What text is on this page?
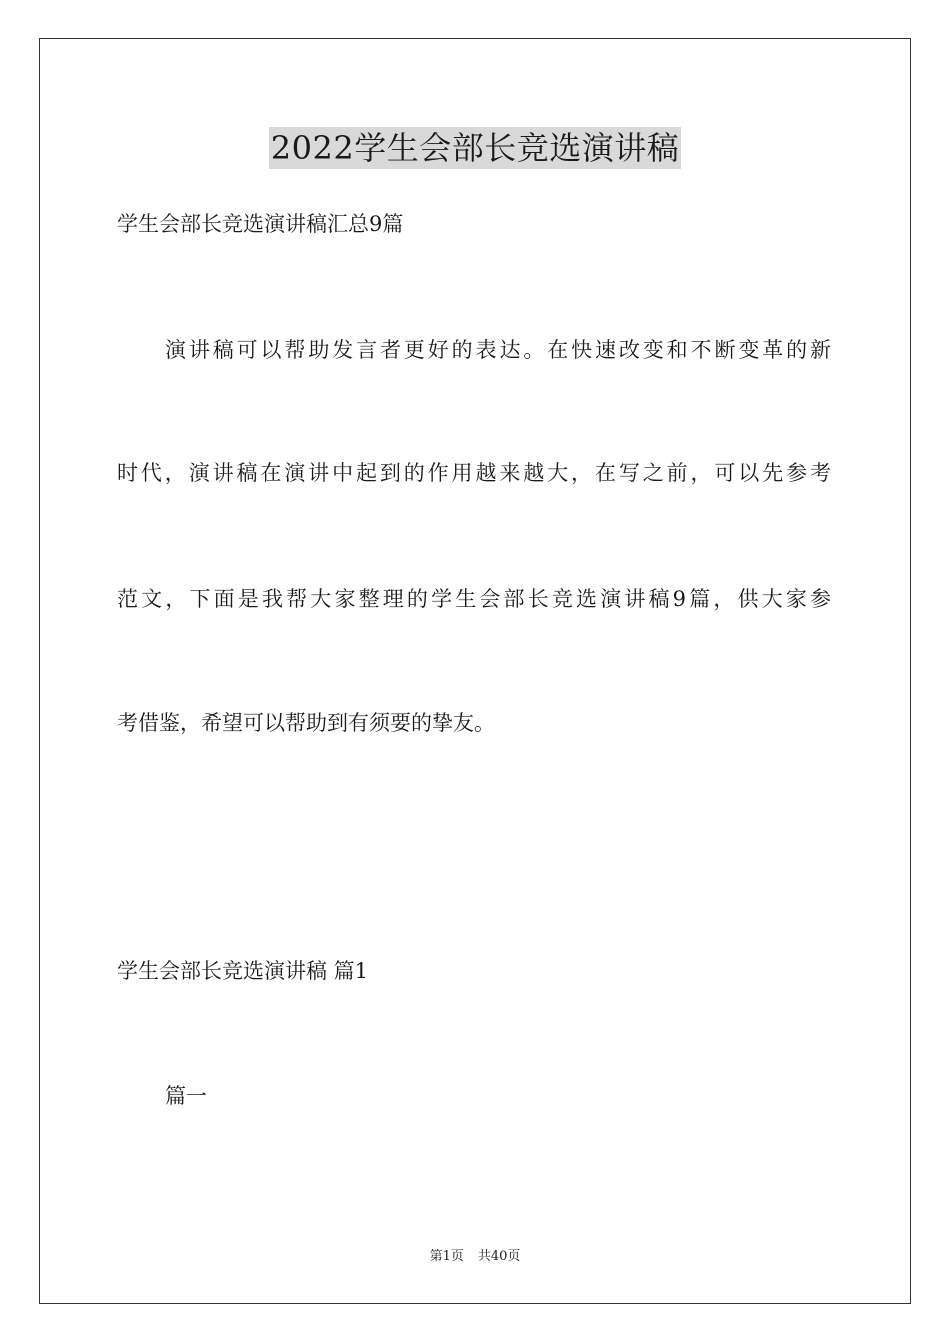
2022学生会部长竞选演讲稿

学生会部长竞选演讲稿汇总9篇

演讲稿可以帮助发言者更好的表达。在快速改变和不断变革的新

时代，演讲稿在演讲中起到的作用越来越大，在写之前，可以先参考

范文，下面是我帮大家整理的学生会部长竞选演讲稿9篇，供大家参

考借鉴，希望可以帮助到有须要的挚友。

学生会部长竞选演讲稿 篇1

篇一

第1页 共40页
